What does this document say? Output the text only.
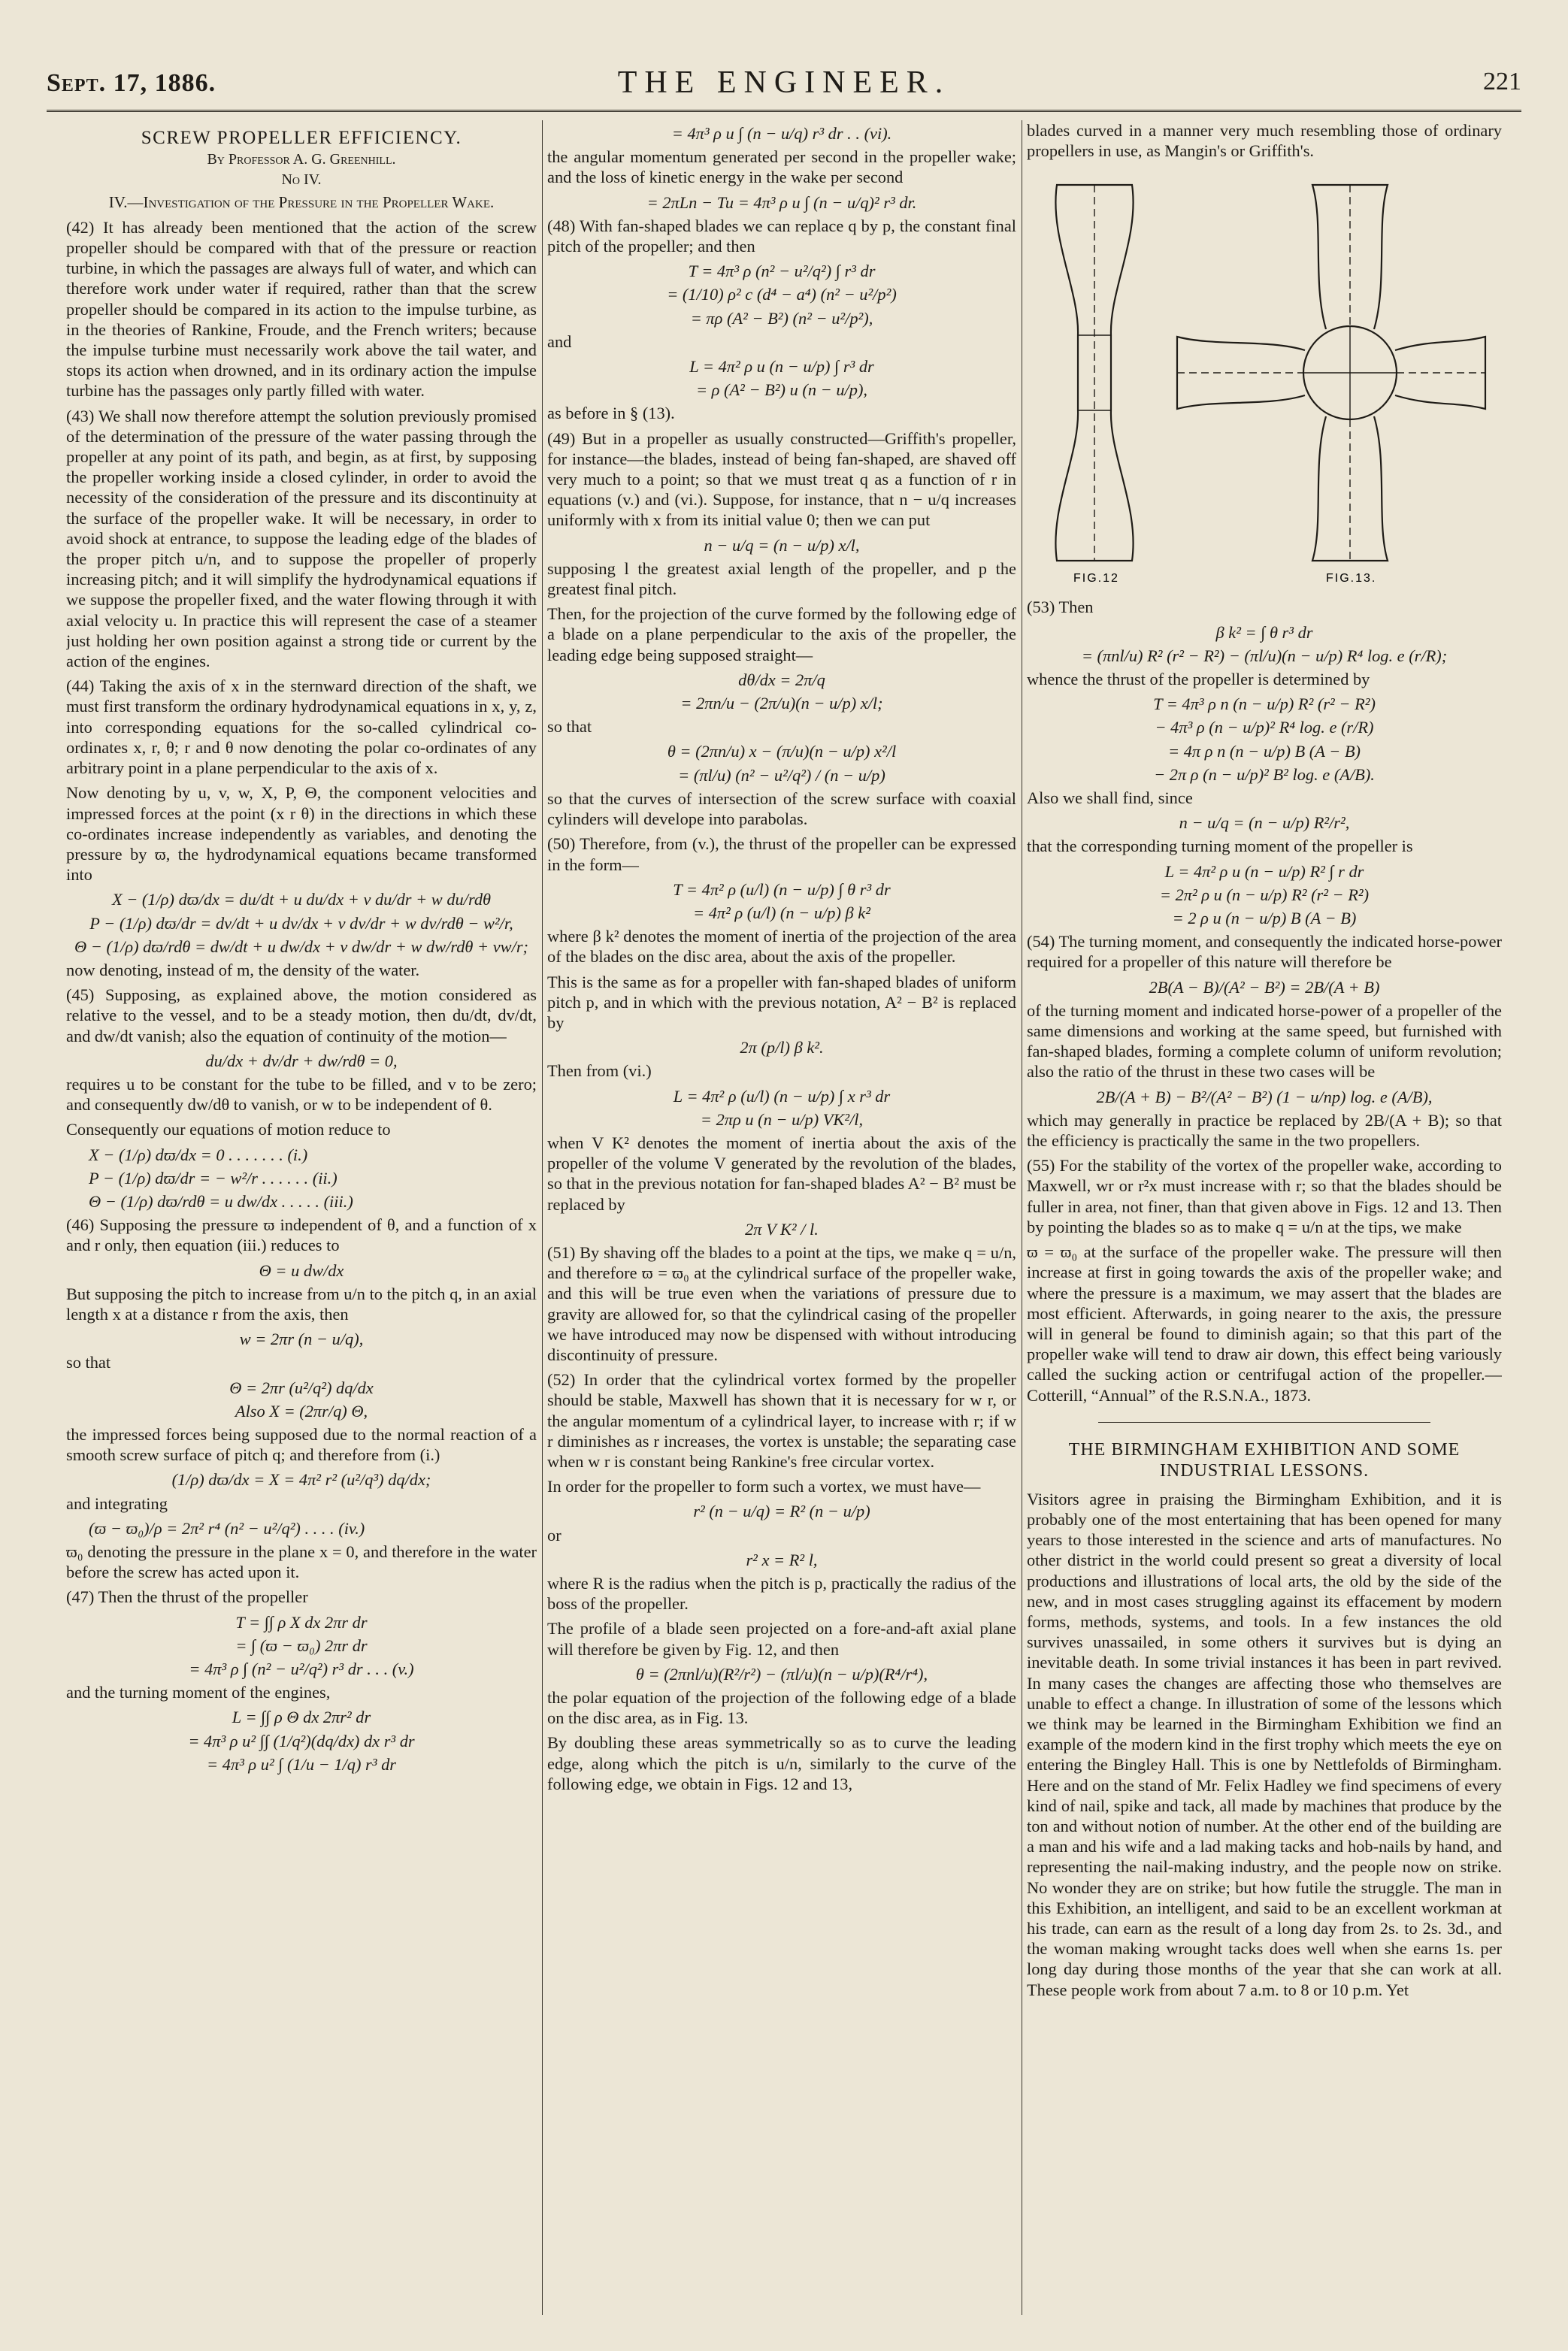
Sept. 17, 1886.	THE ENGINEER.	221
SCREW PROPELLER EFFICIENCY.
By Professor A. G. Greenhill.
No IV.
IV.—Investigation of the Pressure in the Propeller Wake.

(42) It has already been mentioned that the action of the screw propeller should be compared with that of the pressure or reaction turbine, in which the passages are always full of water, and which can therefore work under water if required, rather than that the screw propeller should be compared in its action to the impulse turbine, as in the theories of Rankine, Froude, and the French writers; because the impulse turbine must necessarily work above the tail water, and stops its action when drowned, and in its ordinary action the impulse turbine has the passages only partly filled with water.

(43) We shall now therefore attempt the solution previously promised of the determination of the pressure of the water passing through the propeller at any point of its path, and begin, as at first, by supposing the propeller working inside a closed cylinder, in order to avoid the necessity of the consideration of the pressure and its discontinuity at the surface of the propeller wake. It will be necessary, in order to avoid shock at entrance, to suppose the leading edge of the blades of the proper pitch u/n, and to suppose the propeller of properly increasing pitch; and it will simplify the hydrodynamical equations if we suppose the propeller fixed, and the water flowing through it with axial velocity u. In practice this will represent the case of a steamer just holding her own position against a strong tide or current by the action of the engines.

(44) Taking the axis of x in the sternward direction of the shaft, we must first transform the ordinary hydrodynamical equations in x, y, z, into corresponding equations for the so-called cylindrical co-ordinates x, r, θ; r and θ now denoting the polar co-ordinates of any arbitrary point in a plane perpendicular to the axis of x.

Now denoting by u, v, w, X, P, Θ, the component velocities and impressed forces at the point (x r θ) in the directions in which these co-ordinates increase independently as variables, and denoting the pressure by ϖ, the hydrodynamical equations became transformed into

X − (1/ρ) dϖ/dx = du/dt + u du/dx + v du/dr + w du/rdθ
P − (1/ρ) dϖ/dr = dv/dt + u dv/dx + v dv/dr + w dv/rdθ − w²/r,
Θ − (1/ρ) dϖ/rdθ = dw/dt + u dw/dx + v dw/dr + w dw/rdθ + vw/r;

now denoting, instead of m, the density of the water.

(45) Supposing, as explained above, the motion considered as relative to the vessel, and to be a steady motion, then du/dt, dv/dt, and dw/dt vanish; also the equation of continuity of the motion—

du/dx + dv/dr + dw/rdθ = 0,

requires u to be constant for the tube to be filled, and v to be zero; and consequently dw/dθ to vanish, or w to be independent of θ.

Consequently our equations of motion reduce to

X − (1/ρ) dϖ/dx = 0 . . . . . . . (i.)
P − (1/ρ) dϖ/dr = − w²/r . . . . . . (ii.)
Θ − (1/ρ) dϖ/rdθ = u dw/dx . . . . . (iii.)

(46) Supposing the pressure ϖ independent of θ, and a function of x and r only, then equation (iii.) reduces to

Θ = u dw/dx

But supposing the pitch to increase from u/n to the pitch q, in an axial length x at a distance r from the axis, then

w = 2πr (n − u/q),

so that

Θ = 2πr (u²/q²) dq/dx
Also X = (2πr/q) Θ,

the impressed forces being supposed due to the normal reaction of a smooth screw surface of pitch q; and therefore from (i.)

(1/ρ) dϖ/dx = X = 4π² r² (u²/q³) dq/dx;

and integrating

(ϖ − ϖ₀)/ρ = 2π² r⁴ (n² − u²/q²) . . . . (iv.)

ϖ₀ denoting the pressure in the plane x = 0, and therefore in the water before the screw has acted upon it.

(47) Then the thrust of the propeller

T = ∫∫ ρ X dx 2πr dr
= ∫ (ϖ − ϖ₀) 2πr dr
= 4π³ ρ ∫ (n² − u²/q²) r³ dr . . . (v.)

and the turning moment of the engines,

L = ∫∫ ρ Θ dx 2πr² dr
= 4π³ ρ u² ∫∫ (1/q²)(dq/dx) dx r³ dr
= 4π³ ρ u² ∫ (1/u − 1/q) r³ dr
= 4π³ ρ u ∫ (n − u/q) r³ dr . . (vi).

the angular momentum generated per second in the propeller wake; and the loss of kinetic energy in the wake per second

= 2πLn − Tu = 4π³ ρ u ∫ (n − u/q)² r³ dr.

(48) With fan-shaped blades we can replace q by p, the constant final pitch of the propeller; and then

T = 4π³ ρ (n² − u²/q²) ∫ r³ dr
= (1/10) ρ² c (d⁴ − a⁴) (n² − u²/p²)
= πρ (A² − B²) (n² − u²/p²),

and

L = 4π² ρ u (n − u/p) ∫ r³ dr
= ρ (A² − B²) u (n − u/p),

as before in § (13).

(49) But in a propeller as usually constructed—Griffith's propeller, for instance—the blades, instead of being fan-shaped, are shaved off very much to a point; so that we must treat q as a function of r in equations (v.) and (vi.). Suppose, for instance, that n − u/q increases uniformly with x from its initial value 0; then we can put

n − u/q = (n − u/p) x/l,

supposing l the greatest axial length of the propeller, and p the greatest final pitch.

Then, for the projection of the curve formed by the following edge of a blade on a plane perpendicular to the axis of the propeller, the leading edge being supposed straight—

dθ/dx = 2π/q
= 2πn/u − (2π/u)(n − u/p) x/l;

so that

θ = (2πn/u) x − (π/u)(n − u/p) x²/l
= (πl/u) (n² − u²/q²) / (n − u/p)

so that the curves of intersection of the screw surface with coaxial cylinders will develope into parabolas.

(50) Therefore, from (v.), the thrust of the propeller can be expressed in the form—

T = 4π² ρ (u/l) (n − u/p) ∫ θ r³ dr
= 4π² ρ (u/l) (n − u/p) β k²

where β k² denotes the moment of inertia of the projection of the area of the blades on the disc area, about the axis of the propeller.

This is the same as for a propeller with fan-shaped blades of uniform pitch p, and in which with the previous notation, A² − B² is replaced by

2π (p/l) β k².

Then from (vi.)

L = 4π² ρ (u/l) (n − u/p) ∫ x r³ dr
= 2πρ u (n − u/p) VK²/l,

when V K² denotes the moment of inertia about the axis of the propeller of the volume V generated by the revolution of the blades, so that in the previous notation for fan-shaped blades A² − B² must be replaced by

2π V K² / l.

(51) By shaving off the blades to a point at the tips, we make q = u/n, and therefore ϖ = ϖ₀ at the cylindrical surface of the propeller wake, and this will be true even when the variations of pressure due to gravity are allowed for, so that the cylindrical casing of the propeller we have introduced may now be dispensed with without introducing discontinuity of pressure.

(52) In order that the cylindrical vortex formed by the propeller should be stable, Maxwell has shown that it is necessary for w r, or the angular momentum of a cylindrical layer, to increase with r; if w r diminishes as r increases, the vortex is unstable; the separating case when w r is constant being Rankine's free circular vortex.

In order for the propeller to form such a vortex, we must have—

r² (n − u/q) = R² (n − u/p)

or

r² x = R² l,

where R is the radius when the pitch is p, practically the radius of the boss of the propeller.

The profile of a blade seen projected on a fore-and-aft axial plane will therefore be given by Fig. 12, and then

θ = (2πnl/u)(R²/r²) − (πl/u)(n − u/p)(R⁴/r⁴),

the polar equation of the projection of the following edge of a blade on the disc area, as in Fig. 13.

By doubling these areas symmetrically so as to curve the leading edge, along which the pitch is u/n, similarly to the curve of the following edge, we obtain in Figs. 12 and 13,

blades curved in a manner very much resembling those of ordinary propellers in use, as Mangin's or Griffith's.

FIG.12	FIG.13.

(53) Then

β k² = ∫ θ r³ dr
= (πnl/u) R² (r² − R²) − (πl/u)(n − u/p) R⁴ log. e (r/R);

whence the thrust of the propeller is determined by

T = 4π³ ρ n (n − u/p) R² (r² − R²)
− 4π³ ρ (n − u/p)² R⁴ log. e (r/R)
= 4π ρ n (n − u/p) B (A − B)
− 2π ρ (n − u/p)² B² log. e (A/B).

Also we shall find, since

n − u/q = (n − u/p) R²/r²,

that the corresponding turning moment of the propeller is

L = 4π² ρ u (n − u/p) R² ∫ r dr
= 2π² ρ u (n − u/p) R² (r² − R²)
= 2 ρ u (n − u/p) B (A − B)

(54) The turning moment, and consequently the indicated horse-power required for a propeller of this nature will therefore be

2B(A − B)/(A² − B²) = 2B/(A + B)

of the turning moment and indicated horse-power of a propeller of the same dimensions and working at the same speed, but furnished with fan-shaped blades, forming a complete column of uniform revolution; also the ratio of the thrust in these two cases will be

2B/(A + B) − B²/(A² − B²) (1 − u/np) log. e (A/B),

which may generally in practice be replaced by 2B/(A + B); so that the efficiency is practically the same in the two propellers.

(55) For the stability of the vortex of the propeller wake, according to Maxwell, wr or r²x must increase with r; so that the blades should be fuller in area, not finer, than that given above in Figs. 12 and 13. Then by pointing the blades so as to make q = u/n at the tips, we make

ϖ = ϖ₀ at the surface of the propeller wake. The pressure will then increase at first in going towards the axis of the propeller wake; and where the pressure is a maximum, we may assert that the blades are most efficient. Afterwards, in going nearer to the axis, the pressure will in general be found to diminish again; so that this part of the propeller wake will tend to draw air down, this effect being variously called the sucking action or centrifugal action of the propeller.—Cotterill, “Annual” of the R.S.N.A., 1873.

THE BIRMINGHAM EXHIBITION AND SOME INDUSTRIAL LESSONS.

Visitors agree in praising the Birmingham Exhibition, and it is probably one of the most entertaining that has been opened for many years to those interested in the science and arts of manufactures. No other district in the world could present so great a diversity of local productions and illustrations of local arts, the old by the side of the new, and in most cases struggling against its effacement by modern forms, methods, systems, and tools. In a few instances the old survives unassailed, in some others it survives but is dying an inevitable death. In some trivial instances it has been in part revived. In many cases the changes are affecting those who themselves are unable to effect a change. In illustration of some of the lessons which we think may be learned in the Birmingham Exhibition we find an example of the modern kind in the first trophy which meets the eye on entering the Bingley Hall. This is one by Nettlefolds of Birmingham. Here and on the stand of Mr. Felix Hadley we find specimens of every kind of nail, spike and tack, all made by machines that produce by the ton and without notion of number. At the other end of the building are a man and his wife and a lad making tacks and hob-nails by hand, and representing the nail-making industry, and the people now on strike. No wonder they are on strike; but how futile the struggle. The man in this Exhibition, an intelligent, and said to be an excellent workman at his trade, can earn as the result of a long day from 2s. to 2s. 3d., and the woman making wrought tacks does well when she earns 1s. per long day during those months of the year that she can work at all. These people work from about 7 a.m. to 8 or 10 p.m. Yet
